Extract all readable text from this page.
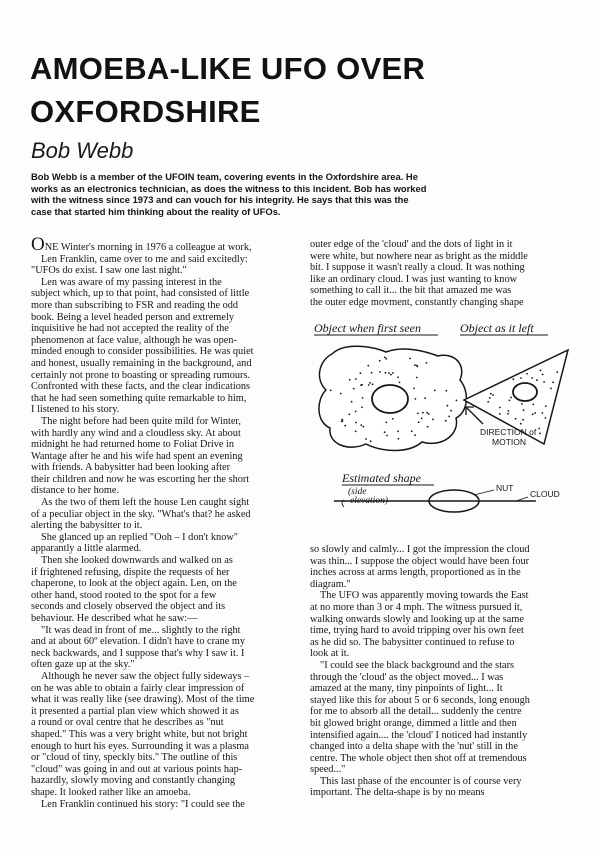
AMOEBA-LIKE UFO OVER
OXFORDSHIRE
Bob Webb
Bob Webb is a member of the UFOIN team, covering events in the Oxfordshire area. He
works as an electronics technician, as does the witness to this incident. Bob has worked
with the witness since 1973 and can vouch for his integrity. He says that this was the
case that started him thinking about the reality of UFOs.

ONE Winter's morning in 1976 a colleague at work,
Len Franklin, came over to me and said excitedly:
"UFOs do exist. I saw one last night."

Len was aware of my passing interest in the
subject which, up to that point, had consisted of little
more than subscribing to FSR and reading the odd
book. Being a level headed person and extremely
inquisitive he had not accepted the reality of the
phenomenon at face value, although he was open-
minded enough to consider possibilities. He was quiet
and honest, usually remaining in the background, and
certainly not prone to boasting or spreading rumours.
Confronted with these facts, and the clear indications
that he had seen something quite remarkable to him,
I listened to his story.

The night before had been quite mild for Winter,
with hardly any wind and a cloudless sky. At about
midnight he had returned home to Foliat Drive in
Wantage after he and his wife had spent an evening
with friends. A babysitter had been looking after
their children and now he was escorting her the short
distance to her home.

As the two of them left the house Len caught sight
of a peculiar object in the sky. "What's that? he asked
alerting the babysitter to it.

She glanced up an replied "Ooh – I don't know"
apparantly a little alarmed.

Then she looked downwards and walked on as
if frightened refusing, dispite the requests of her
chaperone, to look at the object again. Len, on the
other hand, stood rooted to the spot for a few
seconds and closely observed the object and its
behaviour. He described what he saw:—

"It was dead in front of me... slightly to the right
and at about 60º elevation. I didn't have to crane my
neck backwards, and I suppose that's why I saw it. I
often gaze up at the sky."

Although he never saw the object fully sideways –
on he was able to obtain a fairly clear impression of
what it was really like (see drawing). Most of the time
it presented a partial plan view which showed it as
a round or oval centre that he describes as "nut
shaped." This was a very bright white, but not bright
enough to hurt his eyes. Surrounding it was a plasma
or "cloud of tiny, speckly bits." The outline of this
"cloud" was going in and out at various points hap-
hazardly, slowly moving and constantly changing
shape. It looked rather like an amoeba.

Len Franklin continued his story: "I could see the

outer edge of the 'cloud' and the dots of light in it
were white, but nowhere near as bright as the middle
bit. I suppose it wasn't really a cloud. It was nothing
like an ordinary cloud. I was just wanting to know
something to call it... the bit that amazed me was
the outer edge movment, constantly changing shape
Object when first seen	Object as it left
DIRECTION of
MOTION
Estimated shape
(side
elevation)
NUT
CLOUD

so slowly and calmly... I got the impression the cloud
was thin... I suppose the object would have been four
inches across at arms length, proportioned as in the
diagram."

The UFO was apparently moving towards the East
at no more than 3 or 4 mph. The witness pursued it,
walking onwards slowly and looking up at the same
time, trying hard to avoid tripping over his own feet
as he did so. The babysitter continued to refuse to
look at it.

"I could see the black background and the stars
through the 'cloud' as the object moved... I was
amazed at the many, tiny pinpoints of light... It
stayed like this for about 5 or 6 seconds, long enough
for me to absorb all the detail... suddenly the centre
bit glowed bright orange, dimmed a little and then
intensified again.... the 'cloud' I noticed had instantly
changed into a delta shape with the 'nut' still in the
centre. The whole object then shot off at tremendous
speed..."

This last phase of the encounter is of course very
important. The delta-shape is by no means
